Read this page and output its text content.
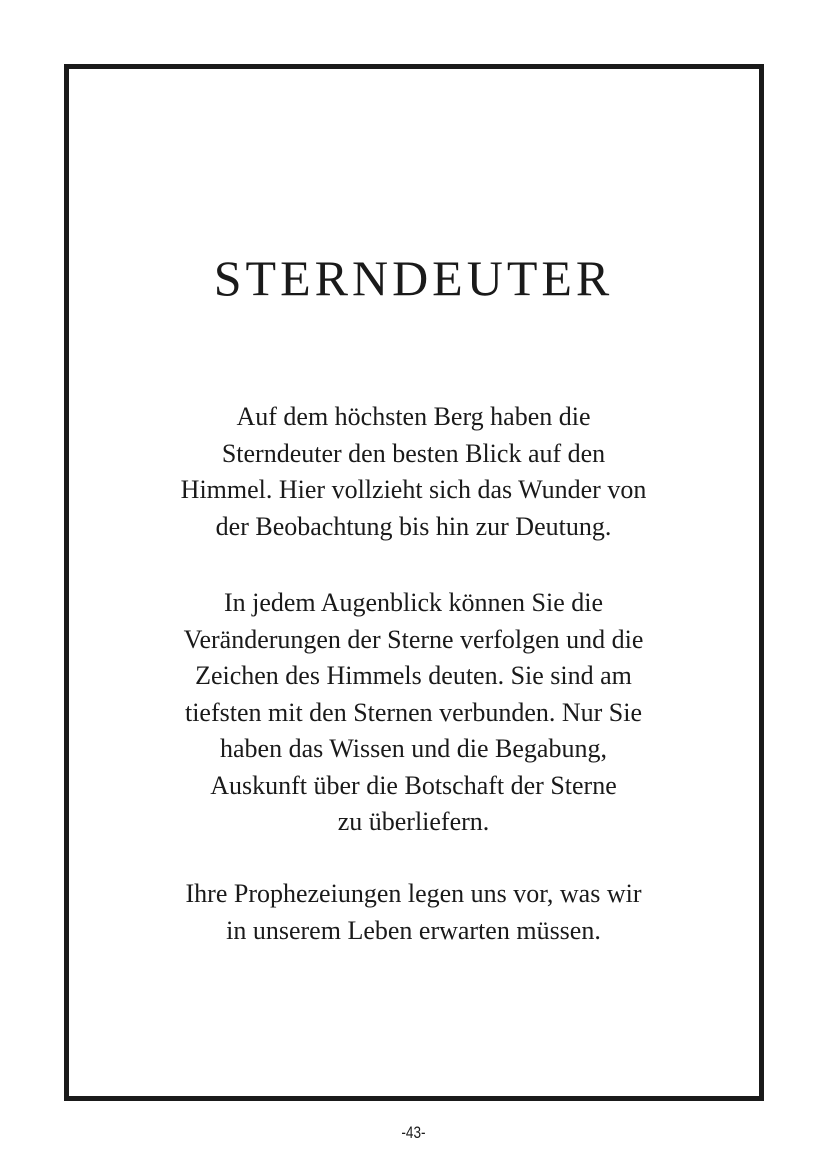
STERNDEUTER

Auf dem höchsten Berg haben die
Sterndeuter den besten Blick auf den
Himmel. Hier vollzieht sich das Wunder von
der Beobachtung bis hin zur Deutung.

In jedem Augenblick können Sie die
Veränderungen der Sterne verfolgen und die
Zeichen des Himmels deuten. Sie sind am
tiefsten mit den Sternen verbunden. Nur Sie
haben das Wissen und die Begabung,
Auskunft über die Botschaft der Sterne
zu überliefern.

Ihre Prophezeiungen legen uns vor, was wir
in unserem Leben erwarten müssen.

-43-
